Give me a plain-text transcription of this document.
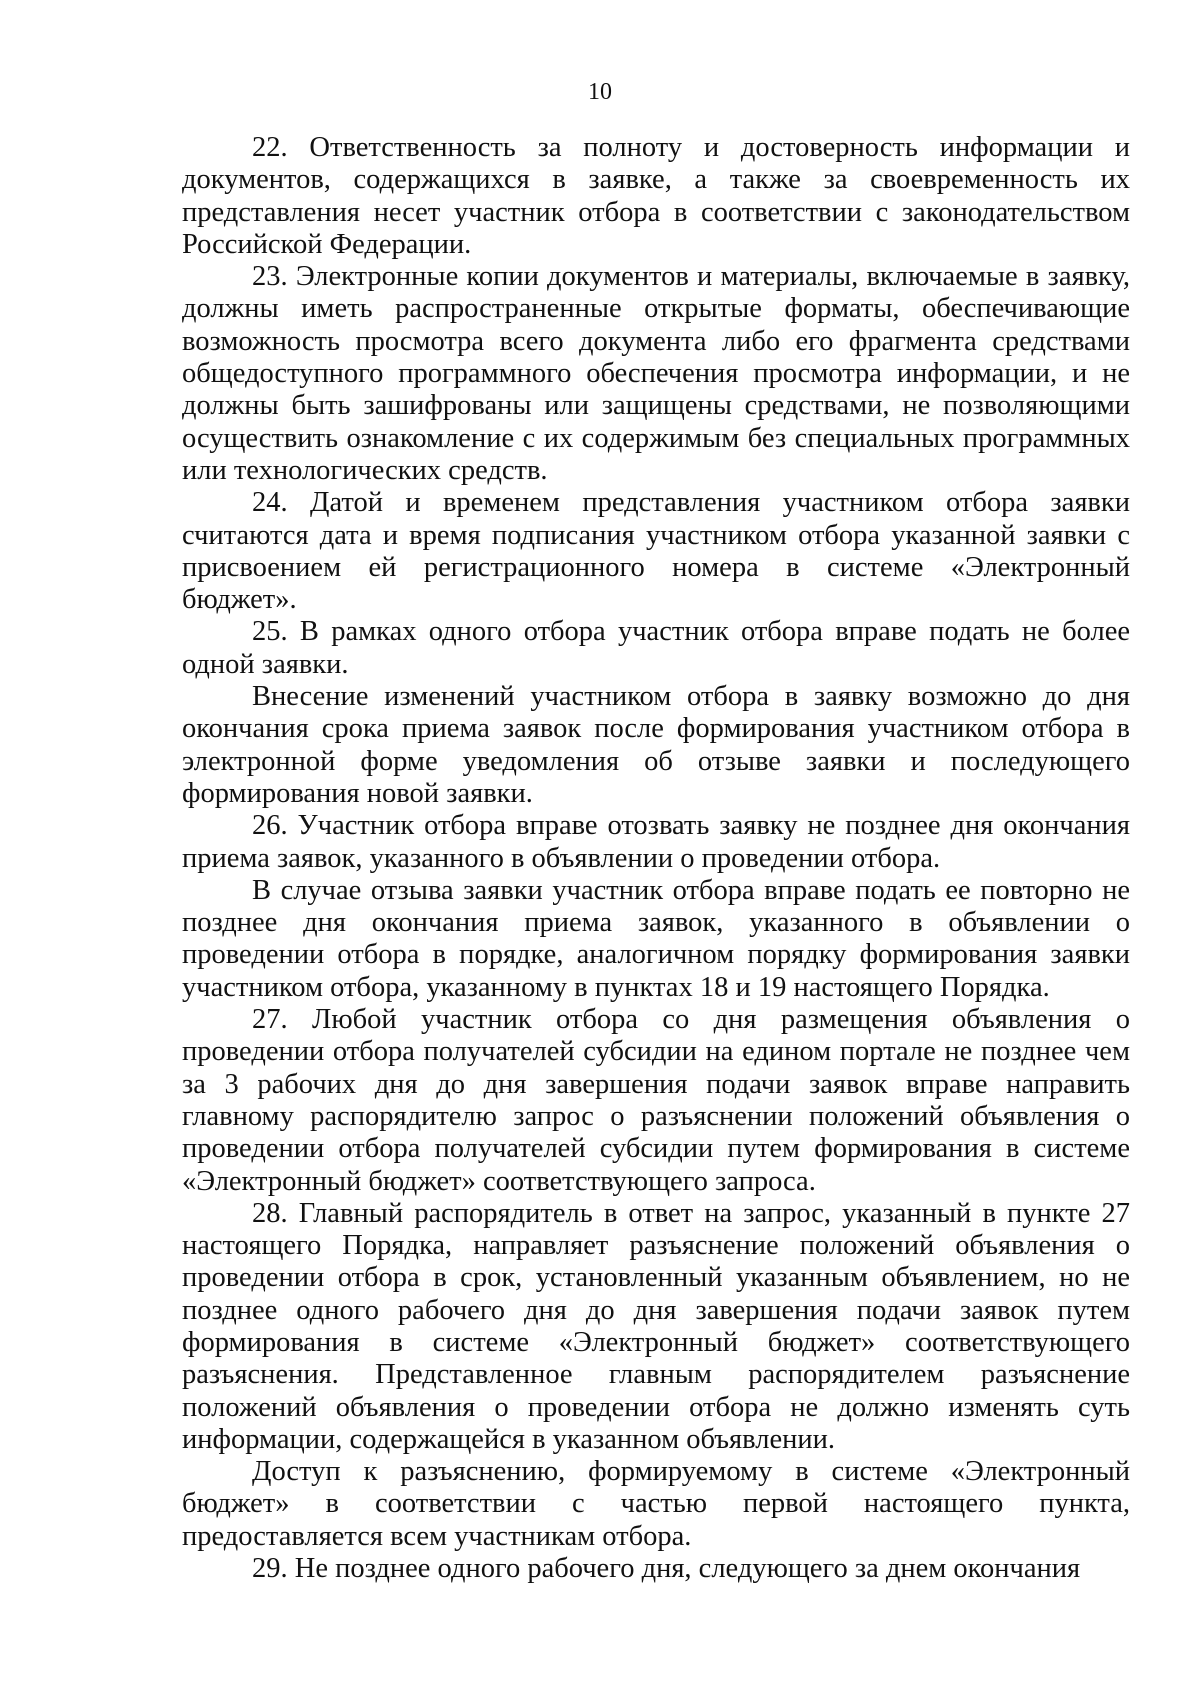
10

22. Ответственность за полноту и достоверность информации и документов, содержащихся в заявке, а также за своевременность их представления несет участник отбора в соответствии с законодательством Российской Федерации.

23. Электронные копии документов и материалы, включаемые в заявку, должны иметь распространенные открытые форматы, обеспечивающие возможность просмотра всего документа либо его фрагмента средствами общедоступного программного обеспечения просмотра информации, и не должны быть зашифрованы или защищены средствами, не позволяющими осуществить ознакомление с их содержимым без специальных программных или технологических средств.

24. Датой и временем представления участником отбора заявки считаются дата и время подписания участником отбора указанной заявки с присвоением ей регистрационного номера в системе «Электронный бюджет».

25. В рамках одного отбора участник отбора вправе подать не более одной заявки.

Внесение изменений участником отбора в заявку возможно до дня окончания срока приема заявок после формирования участником отбора в электронной форме уведомления об отзыве заявки и последующего формирования новой заявки.

26. Участник отбора вправе отозвать заявку не позднее дня окончания приема заявок, указанного в объявлении о проведении отбора.

В случае отзыва заявки участник отбора вправе подать ее повторно не позднее дня окончания приема заявок, указанного в объявлении о проведении отбора в порядке, аналогичном порядку формирования заявки участником отбора, указанному в пунктах 18 и 19 настоящего Порядка.

27. Любой участник отбора со дня размещения объявления о проведении отбора получателей субсидии на едином портале не позднее чем за 3 рабочих дня до дня завершения подачи заявок вправе направить главному распорядителю запрос о разъяснении положений объявления о проведении отбора получателей субсидии путем формирования в системе «Электронный бюджет» соответствующего запроса.

28. Главный распорядитель в ответ на запрос, указанный в пункте 27 настоящего Порядка, направляет разъяснение положений объявления о проведении отбора в срок, установленный указанным объявлением, но не позднее одного рабочего дня до дня завершения подачи заявок путем формирования в системе «Электронный бюджет» соответствующего разъяснения. Представленное главным распорядителем разъяснение положений объявления о проведении отбора не должно изменять суть информации, содержащейся в указанном объявлении.

Доступ к разъяснению, формируемому в системе «Электронный бюджет» в соответствии с частью первой настоящего пункта, предоставляется всем участникам отбора.

29. Не позднее одного рабочего дня, следующего за днем окончания
